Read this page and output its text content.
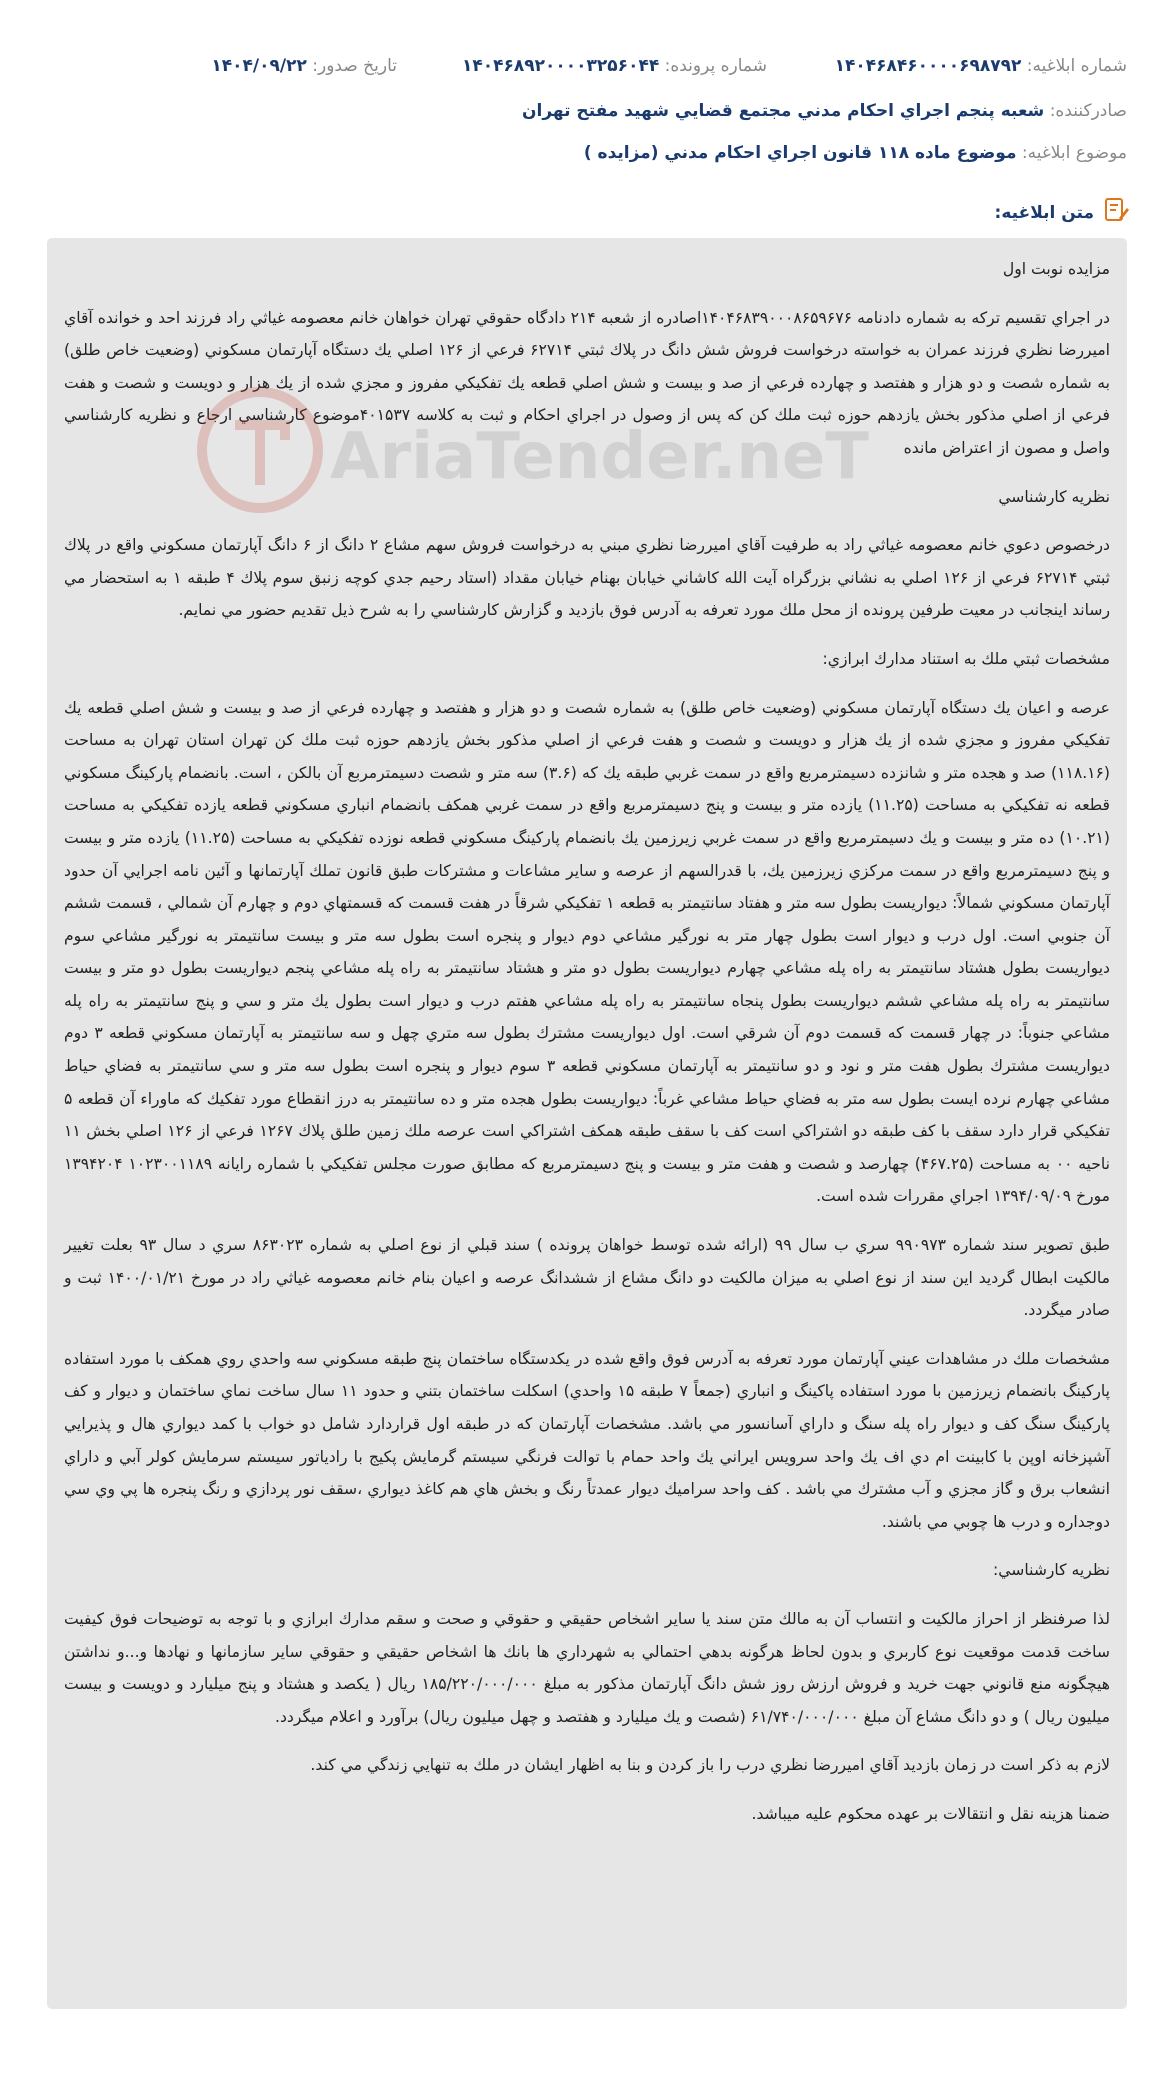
شماره ابلاغیه: ۱۴۰۴۶۸۴۶۰۰۰۰۶۹۸۷۹۲
شماره پرونده: ۱۴۰۴۶۸۹۲۰۰۰۰۳۲۵۶۰۴۴
تاریخ صدور: ۱۴۰۴/۰۹/۲۲
صادرکننده: شعبه پنجم اجراي احكام مدني مجتمع قضايي شهيد مفتح تهران
موضوع ابلاغیه: موضوع ماده ۱۱۸ قانون اجراي احكام مدني (مزايده )
متن ابلاغیه:

مزايده نوبت اول

در اجراي تقسيم تركه به شماره دادنامه ۱۴۰۴۶۸۳۹۰۰۰۸۶۵۹۶۷۶اصادره از شعبه ۲۱۴ دادگاه حقوقي تهران خواهان خانم معصومه غياثي راد فرزند احد و خوانده آقاي اميررضا نظري فرزند عمران به خواسته درخواست فروش شش دانگ در پلاك ثبتي ۶۲۷۱۴ فرعي از ۱۲۶ اصلي يك دستگاه آپارتمان مسكوني (وضعيت خاص طلق) به شماره شصت و دو هزار و هفتصد و چهارده فرعي از صد و بيست و شش اصلي قطعه يك تفكيكي مفروز و مجزي شده از يك هزار و دويست و شصت و هفت فرعي از اصلي مذكور بخش يازدهم حوزه ثبت ملك كن كه پس از وصول در اجراي احكام و ثبت به كلاسه ۴۰۱۵۳۷موضوع كارشناسي ارجاع و نظريه كارشناسي واصل و مصون از اعتراض مانده

نظريه كارشناسي

درخصوص دعوي خانم معصومه غياثي راد به طرفيت آقاي اميررضا نظري مبني به درخواست فروش سهم مشاع ۲ دانگ از ۶ دانگ آپارتمان مسكوني واقع در پلاك ثبتي ۶۲۷۱۴ فرعي از ۱۲۶ اصلي به نشاني بزرگراه آيت الله كاشاني خيابان بهنام خيابان مقداد (استاد رحيم جدي كوچه زنبق سوم پلاك ۴ طبقه ۱ به استحضار مي رساند اينجانب در معيت طرفين پرونده از محل ملك مورد تعرفه به آدرس فوق بازديد و گزارش كارشناسي را به شرح ذيل تقديم حضور مي نمايم.

مشخصات ثبتي ملك به استناد مدارك ابرازي:

عرصه و اعيان يك دستگاه آپارتمان مسكوني (وضعيت خاص طلق) به شماره شصت و دو هزار و هفتصد و چهارده فرعي از صد و بيست و شش اصلي قطعه يك تفكيكي مفروز و مجزي شده از يك هزار و دويست و شصت و هفت فرعي از اصلي مذكور بخش يازدهم حوزه ثبت ملك كن تهران استان تهران به مساحت (۱۱۸.۱۶) صد و هجده متر و شانزده دسيمترمربع واقع در سمت غربي طبقه يك كه (۳.۶) سه متر و شصت دسيمترمربع آن بالكن ، است. بانضمام پاركينگ مسكوني قطعه نه تفكيكي به مساحت (۱۱.۲۵) يازده متر و بيست و پنج دسيمترمربع واقع در سمت غربي همكف بانضمام انباري مسكوني قطعه يازده تفكيكي به مساحت (۱۰.۲۱) ده متر و بيست و يك دسيمترمربع واقع در سمت غربي زيرزمين يك بانضمام پاركينگ مسكوني قطعه نوزده تفكيكي به مساحت (۱۱.۲۵) يازده متر و بيست و پنج دسيمترمربع واقع در سمت مركزي زيرزمين يك، با قدرالسهم از عرصه و ساير مشاعات و مشتركات طبق قانون تملك آپارتمانها و آئين نامه اجرايي آن حدود آپارتمان مسكوني شمالاً: ديواريست بطول سه متر و هفتاد سانتيمتر به قطعه ۱ تفكيكي شرقاً در هفت قسمت كه قسمتهاي دوم و چهارم آن شمالي ، قسمت ششم آن جنوبي است. اول درب و ديوار است بطول چهار متر به نورگير مشاعي دوم ديوار و پنجره است بطول سه متر و بيست سانتيمتر به نورگير مشاعي سوم ديواريست بطول هشتاد سانتيمتر به راه پله مشاعي چهارم ديواريست بطول دو متر و هشتاد سانتيمتر به راه پله مشاعي پنجم ديواريست بطول دو متر و بيست سانتيمتر به راه پله مشاعي ششم ديواريست بطول پنجاه سانتيمتر به راه پله مشاعي هفتم درب و ديوار است بطول يك متر و سي و پنج سانتيمتر به راه پله مشاعي جنوباً: در چهار قسمت كه قسمت دوم آن شرقي است. اول ديواريست مشترك بطول سه متري چهل و سه سانتيمتر به آپارتمان مسكوني قطعه ۳ دوم ديواريست مشترك بطول هفت متر و نود و دو سانتيمتر به آپارتمان مسكوني قطعه ۳ سوم ديوار و پنجره است بطول سه متر و سي سانتيمتر به فضاي حياط مشاعي چهارم نرده ايست بطول سه متر به فضاي حياط مشاعي غرباً: ديواريست بطول هجده متر و ده سانتيمتر به درز انقطاع مورد تفكيك كه ماوراء آن قطعه ۵ تفكيكي قرار دارد سقف با كف طبقه دو اشتراكي است كف با سقف طبقه همكف اشتراكي است عرصه ملك زمين طلق پلاك ۱۲۶۷ فرعي از ۱۲۶ اصلي بخش ۱۱ ناحيه ۰۰ به مساحت (۴۶۷.۲۵) چهارصد و شصت و هفت متر و بيست و پنج دسيمترمربع كه مطابق صورت مجلس تفكيكي با شماره رايانه ۱۰۲۳۰۰۱۱۸۹ ۱۳۹۴۲۰۴ مورخ ۱۳۹۴/۰۹/۰۹ اجراي مقررات شده است.

طبق تصوير سند شماره ۹۹۰۹۷۳ سري ب سال ۹۹ (ارائه شده توسط خواهان پرونده ) سند قبلي از نوع اصلي به شماره ۸۶۳۰۲۳ سري د سال ۹۳ بعلت تغيير مالكيت ابطال گرديد اين سند از نوع اصلي به ميزان مالكيت دو دانگ مشاع از ششدانگ عرصه و اعيان بنام خانم معصومه غياثي راد در مورخ ۱۴۰۰/۰۱/۲۱ ثبت و صادر ميگردد.

مشخصات ملك در مشاهدات عيني آپارتمان مورد تعرفه به آدرس فوق واقع شده در يكدستگاه ساختمان پنج طبقه مسكوني سه واحدي روي همكف با مورد استفاده پاركينگ بانضمام زيرزمين با مورد استفاده پاكينگ و انباري (جمعاً ۷ طبقه ۱۵ واحدي) اسكلت ساختمان بتني و حدود ۱۱ سال ساخت نماي ساختمان و ديوار و كف پاركينگ سنگ كف و ديوار راه پله سنگ و داراي آسانسور مي باشد. مشخصات آپارتمان كه در طبقه اول قراردارد شامل دو خواب با كمد ديواري هال و پذيرايي آشپزخانه اوپن با كابينت ام دي اف يك واحد سرويس ايراني يك واحد حمام با توالت فرنگي سيستم گرمايش پكيج با رادياتور سيستم سرمايش كولر آبي و داراي انشعاب برق و گاز مجزي و آب مشترك مي باشد . كف واحد سراميك ديوار عمدتاً رنگ و بخش هاي هم كاغذ ديواري ،سقف نور پردازي و رنگ پنجره ها پي وي سي دوجداره و درب ها چوبي مي باشند.

نظريه كارشناسي:

لذا صرفنظر از احراز مالكيت و انتساب آن به مالك متن سند يا ساير اشخاص حقيقي و حقوقي و صحت و سقم مدارك ابرازي و با توجه به توضيحات فوق كيفيت ساخت قدمت موقعيت نوع كاربري و بدون لحاظ هرگونه بدهي احتمالي به شهرداري ها بانك ها اشخاص حقيقي و حقوقي ساير سازمانها و نهادها و...و نداشتن هيچگونه منع قانوني جهت خريد و فروش ارزش روز شش دانگ آپارتمان مذكور به مبلغ ۱۸۵/۲۲۰/۰۰۰/۰۰۰ ريال ( يكصد و هشتاد و پنج ميليارد و دويست و بيست ميليون ريال ) و دو دانگ مشاع آن مبلغ ۶۱/۷۴۰/۰۰۰/۰۰۰ (شصت و يك ميليارد و هفتصد و چهل ميليون ريال) برآورد و اعلام ميگردد.

لازم به ذكر است در زمان بازديد آقاي اميررضا نظري درب را باز كردن و بنا به اظهار ايشان در ملك به تنهايي زندگي مي كند.

ضمنا هزينه نقل و انتقالات بر عهده محكوم عليه ميباشد.

AriaTender.neT
